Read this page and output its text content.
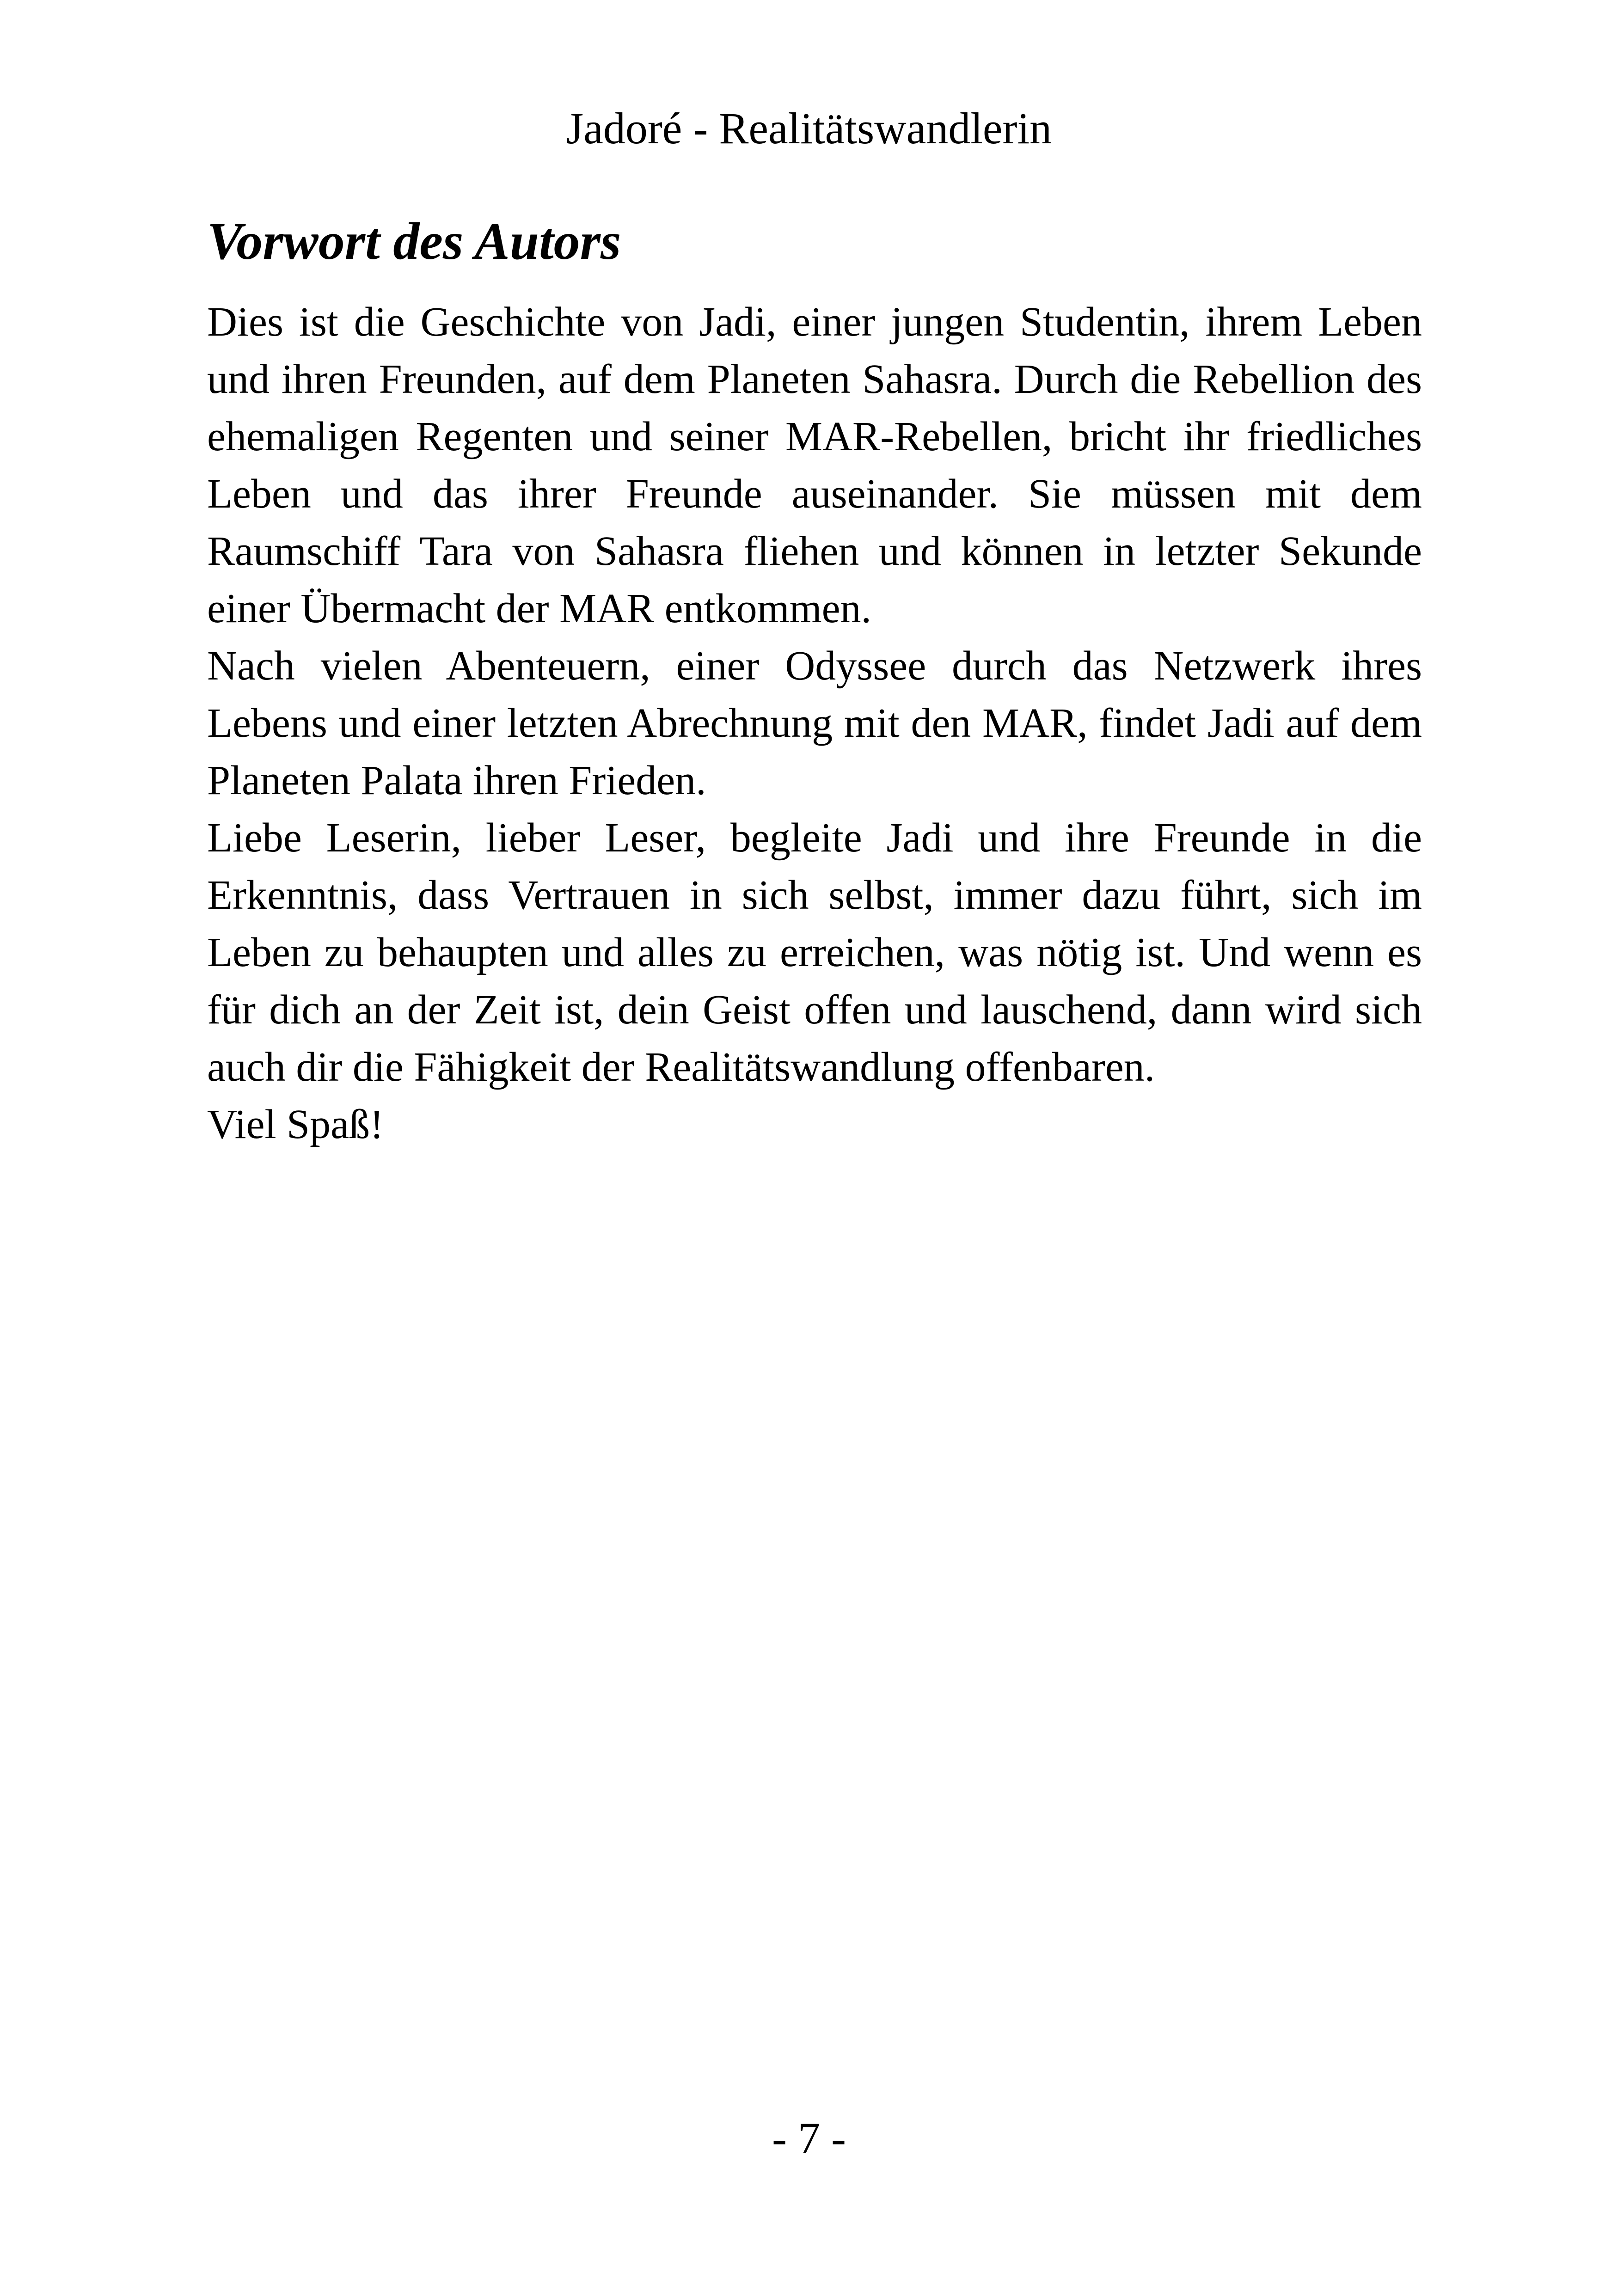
Jadoré - Realitätswandlerin
Vorwort des Autors

Dies ist die Geschichte von Jadi, einer jungen Studentin, ihrem Leben und ihren Freunden, auf dem Planeten Sahasra. Durch die Rebellion des ehemaligen Regenten und seiner MAR-Rebellen, bricht ihr friedliches Leben und das ihrer Freunde auseinander. Sie müssen mit dem Raumschiff Tara von Sahasra fliehen und können in letzter Sekunde einer Übermacht der MAR entkommen.

Nach vielen Abenteuern, einer Odyssee durch das Netzwerk ihres Lebens und einer letzten Abrechnung mit den MAR, findet Jadi auf dem Planeten Palata ihren Frieden.

Liebe Leserin, lieber Leser, begleite Jadi und ihre Freunde in die Erkenntnis, dass Vertrauen in sich selbst, immer dazu führt, sich im Leben zu behaupten und alles zu erreichen, was nötig ist. Und wenn es für dich an der Zeit ist, dein Geist offen und lauschend, dann wird sich auch dir die Fähigkeit der Realitätswandlung offenbaren.

Viel Spaß!

- 7 -
